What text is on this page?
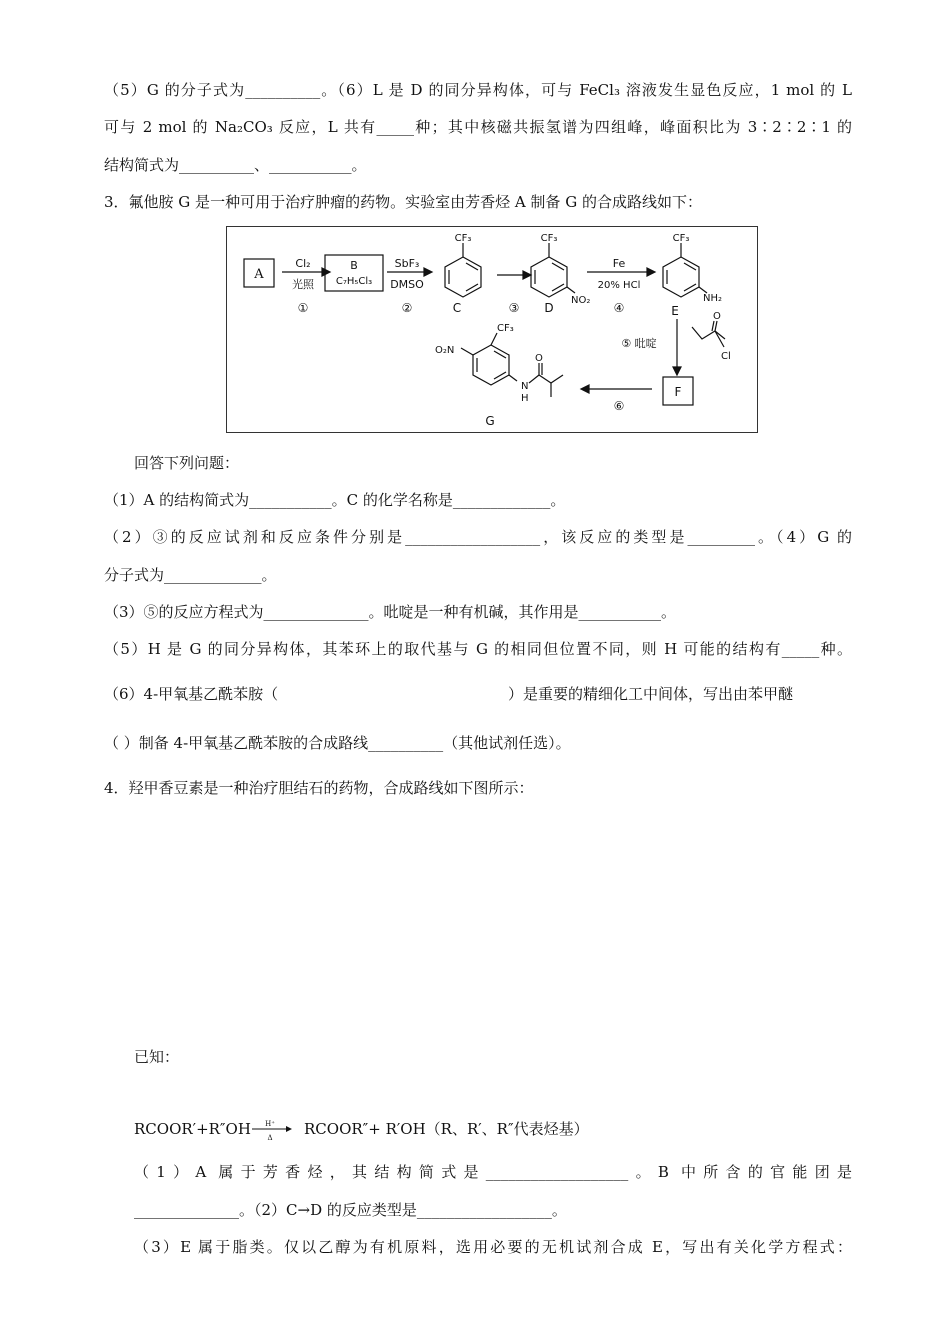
（5）G 的分子式为__________。（6）L 是 D 的同分异构体，可与 FeCl₃ 溶液发生显色反应，1 mol 的 L
可与 2 mol 的 Na₂CO₃ 反应，L 共有_____种；其中核磁共振氢谱为四组峰，峰面积比为 3∶2∶2∶1 的
结构简式为__________、___________。
3．氟他胺 G 是一种可用于治疗肿瘤的药物。实验室由芳香烃 A 制备 G 的合成路线如下：
A
Cl₂
光照
①
B
C₇H₅Cl₃
SbF₃
DMSO
②
CF₃
C	③
CF₃
NO₂
D
Fe
20% HCl
④
CF₃
NH₂
E
⑤ 吡啶
O
Cl
F
⑥
O₂N
CF₃
N
H
O
G
回答下列问题：
（1）A 的结构简式为___________。C 的化学名称是_____________。
（2）③的反应试剂和反应条件分别是__________________，该反应的类型是_________。（4）G 的
分子式为_____________。
（3）⑤的反应方程式为______________。吡啶是一种有机碱，其作用是___________。
（5）H 是 G 的同分异构体，其苯环上的取代基与 G 的相同但位置不同，则 H 可能的结构有_____种。
（6）4-甲氧基乙酰苯胺（	）是重要的精细化工中间体，写出由苯甲醚
（ ）制备 4-甲氧基乙酰苯胺的合成路线__________（其他试剂任选）。
4．羟甲香豆素是一种治疗胆结石的药物，合成路线如下图所示：
已知：
RCOOR′+R″OH H⁺
Δ RCOOR″+ R′OH（R、R′、R″代表烃基）
（1）A 属于芳香烃，其结构简式是___________________。B 中所含的官能团是
______________。（2）C→D 的反应类型是__________________。
（3）E 属于脂类。仅以乙醇为有机原料，选用必要的无机试剂合成 E，写出有关化学方程式：
